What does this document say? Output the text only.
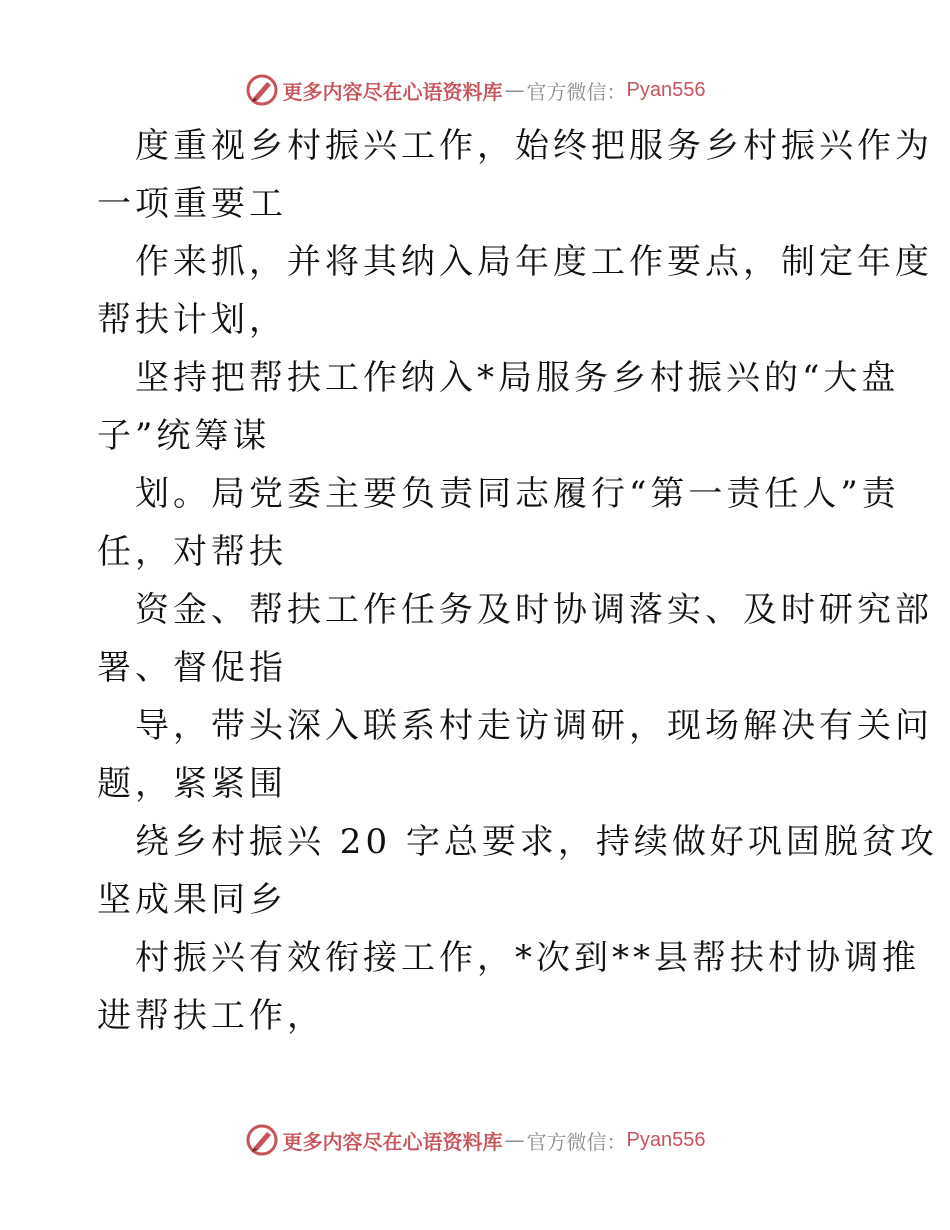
更多内容尽在心语资料库 — 官方微信： Pyan556
度重视乡村振兴工作，始终把服务乡村振兴作为
一项重要工
作来抓，并将其纳入局年度工作要点，制定年度
帮扶计划，
坚持把帮扶工作纳入*局服务乡村振兴的“大盘
子”统筹谋
划。局党委主要负责同志履行“第一责任人”责
任，对帮扶
资金、帮扶工作任务及时协调落实、及时研究部
署、督促指
导，带头深入联系村走访调研，现场解决有关问
题，紧紧围
绕乡村振兴 20 字总要求，持续做好巩固脱贫攻
坚成果同乡
村振兴有效衔接工作，*次到**县帮扶村协调推
进帮扶工作，
更多内容尽在心语资料库 — 官方微信： Pyan556
